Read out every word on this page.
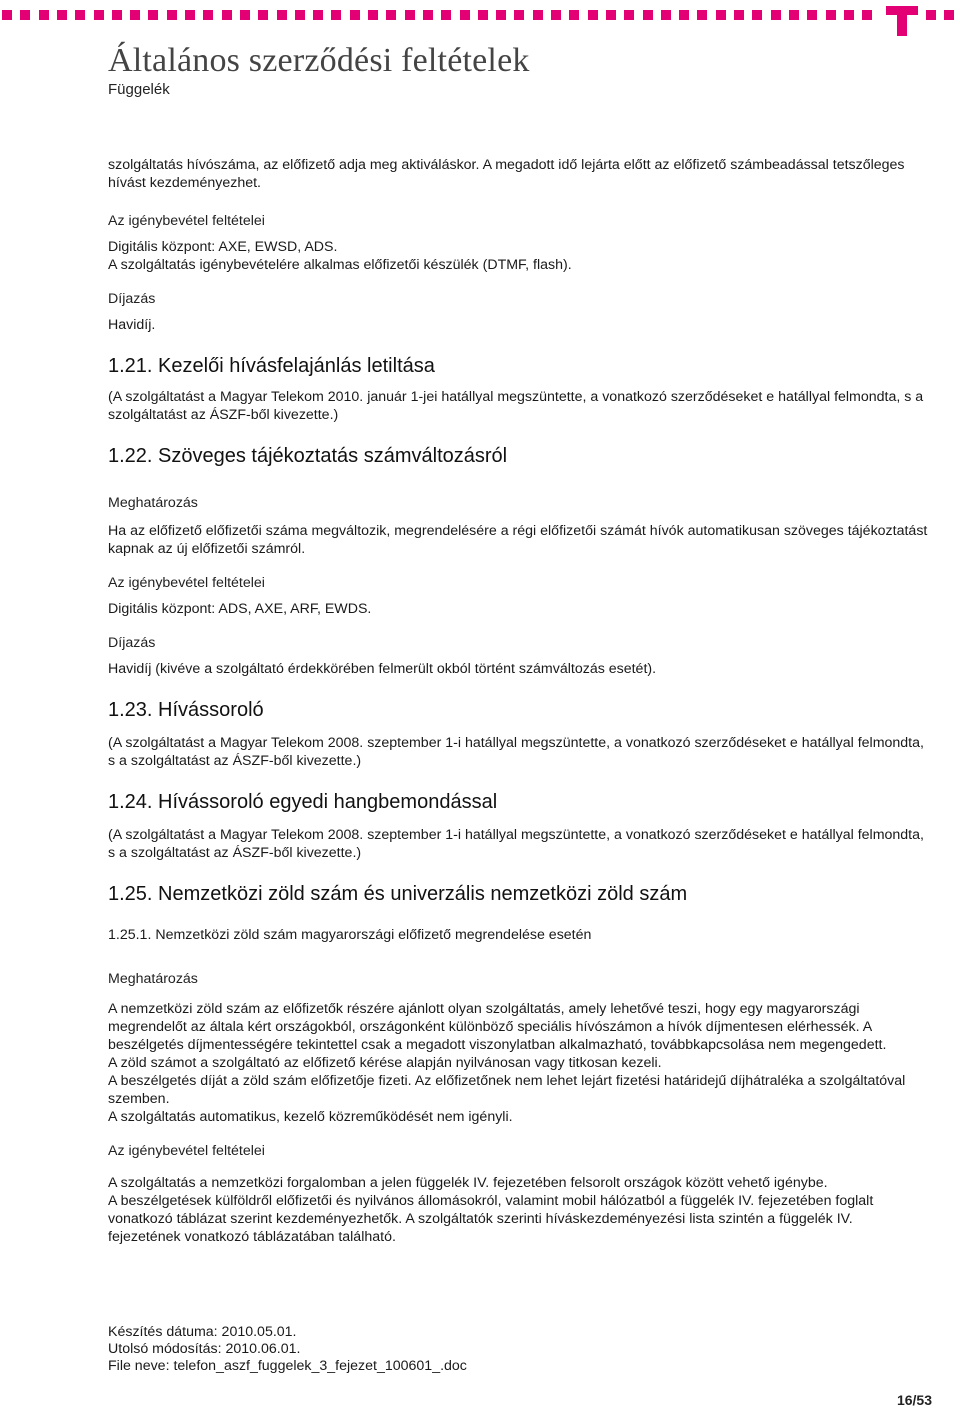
Általános szerződési feltételek
Függelék

szolgáltatás hívószáma, az előfizető adja meg aktiváláskor. A megadott idő lejárta előtt az előfizető számbeadással tetszőleges hívást kezdeményezhet.

Az igénybevétel feltételei

Digitális központ: AXE, EWSD, ADS.

A szolgáltatás igénybevételére alkalmas előfizetői készülék (DTMF, flash).

Díjazás

Havidíj.

1.21. Kezelői hívásfelajánlás letiltása

(A szolgáltatást a Magyar Telekom 2010. január 1-jei hatállyal megszüntette, a vonatkozó szerződéseket e hatállyal felmondta, s a szolgáltatást az ÁSZF-ből kivezette.)

1.22. Szöveges tájékoztatás számváltozásról

Meghatározás

Ha az előfizető előfizetői száma megváltozik, megrendelésére a régi előfizetői számát hívók automatikusan szöveges tájékoztatást kapnak az új előfizetői számról.

Az igénybevétel feltételei

Digitális központ: ADS, AXE, ARF, EWDS.

Díjazás

Havidíj (kivéve a szolgáltató érdekkörében felmerült okból történt számváltozás esetét).

1.23. Hívássoroló

(A szolgáltatást a Magyar Telekom 2008. szeptember 1-i hatállyal megszüntette, a vonatkozó szerződéseket e hatállyal felmondta, s a szolgáltatást az ÁSZF-ből kivezette.)

1.24. Hívássoroló egyedi hangbemondással

(A szolgáltatást a Magyar Telekom 2008. szeptember 1-i hatállyal megszüntette, a vonatkozó szerződéseket e hatállyal felmondta, s a szolgáltatást az ÁSZF-ből kivezette.)

1.25. Nemzetközi zöld szám és univerzális nemzetközi zöld szám

1.25.1. Nemzetközi zöld szám magyarországi előfizető megrendelése esetén

Meghatározás

A nemzetközi zöld szám az előfizetők részére ajánlott olyan szolgáltatás, amely lehetővé teszi, hogy egy magyarországi megrendelőt az általa kért országokból, országonként különböző speciális hívószámon a hívók díjmentesen elérhessék. A beszélgetés díjmentességére tekintettel csak a megadott viszonylatban alkalmazható, továbbkapcsolása nem megengedett.

A zöld számot a szolgáltató az előfizető kérése alapján nyilvánosan vagy titkosan kezeli.

A beszélgetés díját a zöld szám előfizetője fizeti. Az előfizetőnek nem lehet lejárt fizetési határidejű díjhátraléka a szolgáltatóval szemben.

A szolgáltatás automatikus, kezelő közreműködését nem igényli.

Az igénybevétel feltételei

A szolgáltatás a nemzetközi forgalomban a jelen függelék IV. fejezetében felsorolt országok között vehető igénybe.

A beszélgetések külföldről előfizetői és nyilvános állomásokról, valamint mobil hálózatból a függelék IV. fejezetében foglalt vonatkozó táblázat szerint kezdeményezhetők. A szolgáltatók szerinti híváskezdeményezési lista szintén a függelék IV. fejezetének vonatkozó táblázatában található.

Készítés dátuma: 2010.05.01.

Utolsó módosítás: 2010.06.01.

File neve: telefon_aszf_fuggelek_3_fejezet_100601_.doc

16/53
